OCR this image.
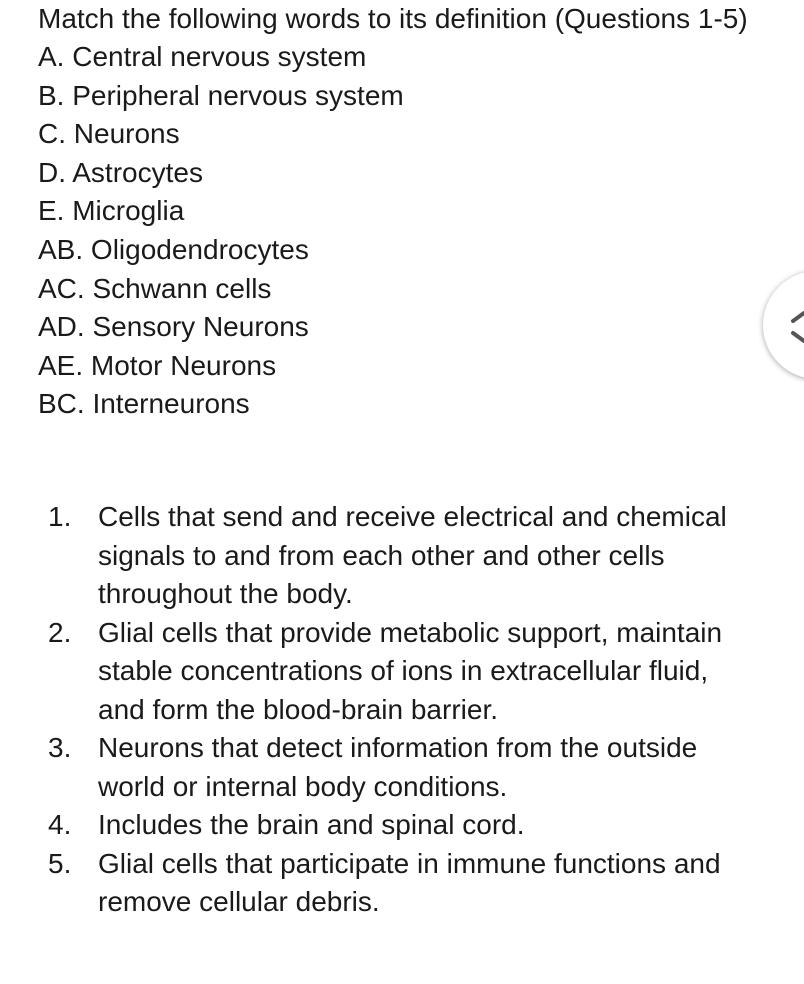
Match the following words to its definition (Questions 1-5)

A. Central nervous system
B. Peripheral nervous system
C. Neurons
D. Astrocytes
E. Microglia
AB. Oligodendrocytes
AC. Schwann cells
AD. Sensory Neurons
AE. Motor Neurons
BC. Interneurons
1. Cells that send and receive electrical and chemical signals to and from each other and other cells throughout the body.
2. Glial cells that provide metabolic support, maintain stable concentrations of ions in extracellular fluid, and form the blood-brain barrier.
3. Neurons that detect information from the outside world or internal body conditions.
4. Includes the brain and spinal cord.
5. Glial cells that participate in immune functions and remove cellular debris.
